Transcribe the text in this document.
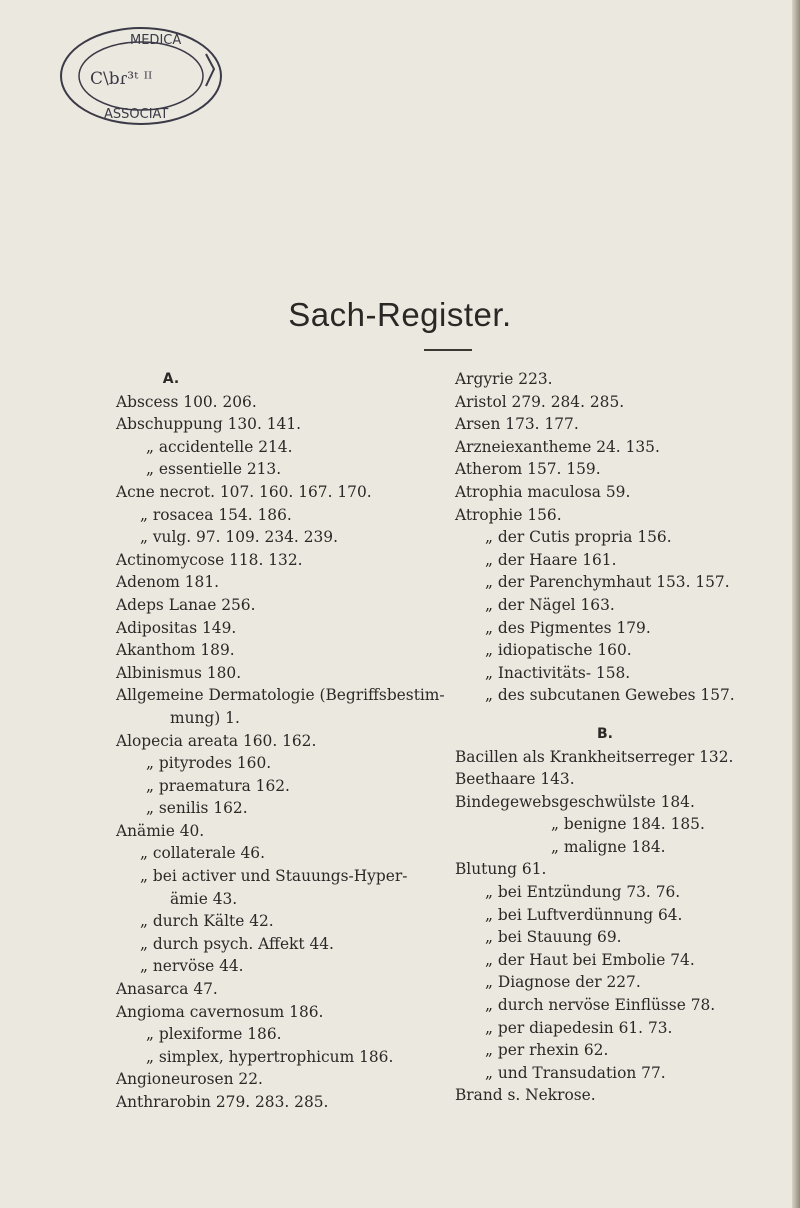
MEDICA
C\bɾ³ᵗ ᴵᴵ
ASSOCIAT
Sach-Register.
A.
Abscess 100. 206.
Abschuppung 130. 141.
„ accidentelle 214.
„ essentielle 213.
Acne necrot. 107. 160. 167. 170.
„ rosacea 154. 186.
„ vulg. 97. 109. 234. 239.
Actinomycose 118. 132.
Adenom 181.
Adeps Lanae 256.
Adipositas 149.
Akanthom 189.
Albinismus 180.
Allgemeine Dermatologie (Begriffsbestim-
mung) 1.
Alopecia areata 160. 162.
„ pityrodes 160.
„ praematura 162.
„ senilis 162.
Anämie 40.
„ collaterale 46.
„ bei activer und Stauungs-Hyper-
ämie 43.
„ durch Kälte 42.
„ durch psych. Affekt 44.
„ nervöse 44.
Anasarca 47.
Angioma cavernosum 186.
„ plexiforme 186.
„ simplex, hypertrophicum 186.
Angioneurosen 22.
Anthrarobin 279. 283. 285.
Argyrie 223.
Aristol 279. 284. 285.
Arsen 173. 177.
Arzneiexantheme 24. 135.
Atherom 157. 159.
Atrophia maculosa 59.
Atrophie 156.
„ der Cutis propria 156.
„ der Haare 161.
„ der Parenchymhaut 153. 157.
„ der Nägel 163.
„ des Pigmentes 179.
„ idiopatische 160.
„ Inactivitäts- 158.
„ des subcutanen Gewebes 157.
B.
Bacillen als Krankheitserreger 132.
Beethaare 143.
Bindegewebsgeschwülste 184.
„ benigne 184. 185.
„ maligne 184.
Blutung 61.
„ bei Entzündung 73. 76.
„ bei Luftverdünnung 64.
„ bei Stauung 69.
„ der Haut bei Embolie 74.
„ Diagnose der 227.
„ durch nervöse Einflüsse 78.
„ per diapedesin 61. 73.
„ per rhexin 62.
„ und Transudation 77.
Brand s. Nekrose.
